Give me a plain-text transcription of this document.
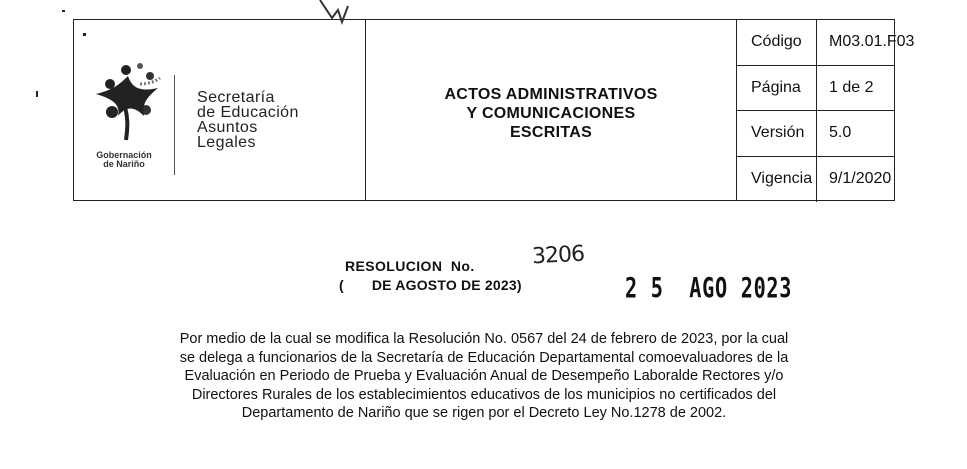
Gobernación
de Nariño
Secretaría
de Educación
Asuntos
Legales
ACTOS ADMINISTRATIVOS
Y COMUNICACIONES
ESCRITAS
Código	M03.01.F03
Página	1 de 2
Versión	5.0
Vigencia	9/1/2020
RESOLUCION  No.	3206
( DE AGOSTO DE 2023)	2 5  AGO 2023
Por medio de la cual se modifica la Resolución No. 0567 del 24 de febrero de 2023, por la cual
se delega a funcionarios de la Secretaría de Educación Departamental comoevaluadores de la
Evaluación en Periodo de Prueba y Evaluación Anual de Desempeño Laboralde Rectores y/o
Directores Rurales de los establecimientos educativos de los municipios no certificados del
Departamento de Nariño que se rigen por el Decreto Ley No.1278 de 2002.
